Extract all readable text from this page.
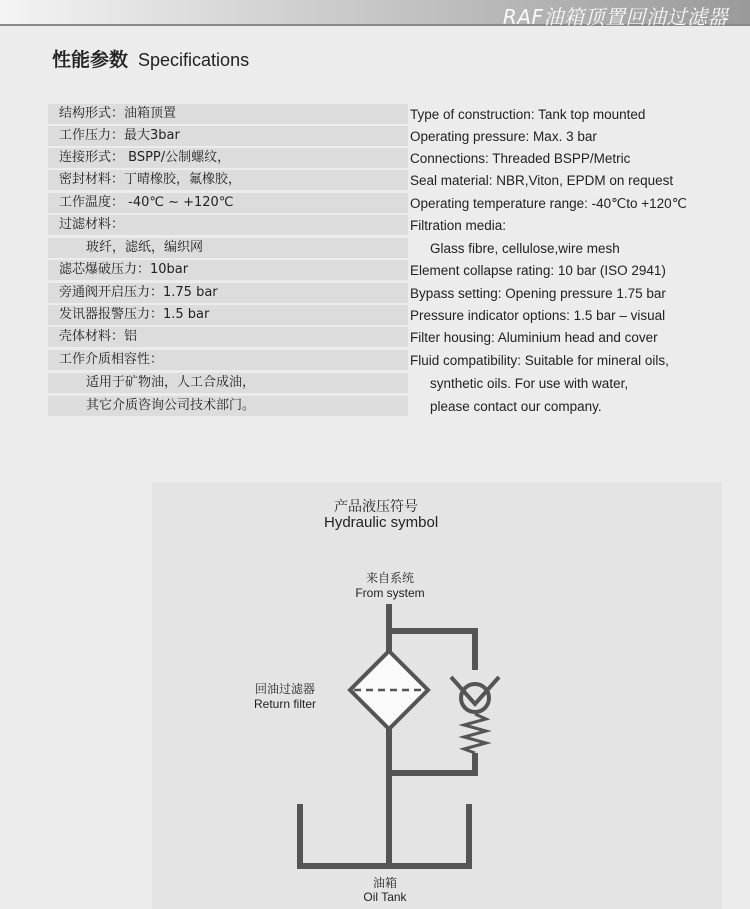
RAF油箱顶置回油过滤器
性能参数 Specifications
结构形式：油箱顶置
工作压力：最大3bar
连接形式： BSPP/公制螺纹，
密封材料：丁晴橡胶，氟橡胶，
工作温度： -40℃ ~ +120℃
过滤材料：
玻纤，滤纸，编织网
滤芯爆破压力：10bar
旁通阀开启压力：1.75 bar
发讯器报警压力：1.5 bar
壳体材料：铝
工作介质相容性：
适用于矿物油，人工合成油，
其它介质咨询公司技术部门。
Type of construction: Tank top mounted
Operating pressure: Max. 3 bar
Connections: Threaded BSPP/Metric
Seal material: NBR,Viton, EPDM on request
Operating temperature range: -40℃to +120℃
Filtration media:
Glass fibre, cellulose,wire mesh
Element collapse rating: 10 bar (ISO 2941)
Bypass setting: Opening pressure 1.75 bar
Pressure indicator options: 1.5 bar – visual
Filter housing: Aluminium head and cover
Fluid compatibility: Suitable for mineral oils,
synthetic oils. For use with water,
please contact our company.
产品液压符号
Hydraulic symbol
来自系统
From system
回油过滤器
Return filter
油箱
Oil Tank
